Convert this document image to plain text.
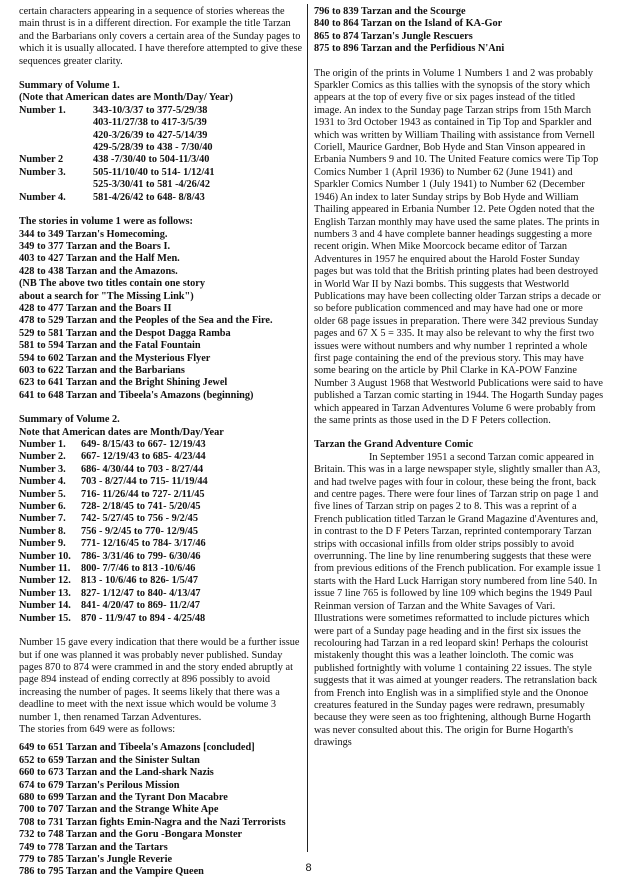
certain characters appearing in a sequence of stories whereas the main thrust is in a different direction. For example the title Tarzan and the Barbarians only covers a certain area of the Sunday pages to which it is usually allocated. I have therefore attempted to give these sequences greater clarity.

Summary of Volume 1.

(Note that American dates are Month/Day/ Year)

Number 1.	343-10/3/37 to 377-5/29/38
	403-11/27/38 to 417-3/5/39
	420-3/26/39 to 427-5/14/39
	429-5/28/39 to 438 - 7/30/40
Number 2	438 -7/30/40 to 504-11/3/40
Number 3.	505-11/10/40 to 514- 1/12/41
	525-3/30/41 to 581 -4/26/42
Number 4.	581-4/26/42 to 648- 8/8/43

The stories in volume 1 were as follows:

344 to 349 Tarzan's Homecoming.
349 to 377 Tarzan and the Boars I.
403 to 427 Tarzan and the Half Men.
428 to 438 Tarzan and the Amazons.
(NB The above two titles contain one story
about a search for "The Missing Link")
428 to 477 Tarzan and the Boars II
478 to 529 Tarzan and the Peoples of the Sea and the Fire.
529 to 581 Tarzan and the Despot Dagga Ramba
581 to 594 Tarzan and the Fatal Fountain
594 to 602 Tarzan and the Mysterious Flyer
603 to 622 Tarzan and the Barbarians
623 to 641 Tarzan and the Bright Shining Jewel
641 to 648 Tarzan and Tibeela's Amazons (beginning)

Summary of Volume 2.

Note that American dates are Month/Day/Year

Number 1.	649- 8/15/43 to 667- 12/19/43
Number 2.	667- 12/19/43 to 685- 4/23/44
Number 3.	686- 4/30/44 to 703 - 8/27/44
Number 4.	703 - 8/27/44 to 715- 11/19/44
Number 5.	716- 11/26/44 to 727- 2/11/45
Number 6.	728- 2/18/45 to 741- 5/20/45
Number 7.	742- 5/27/45 to 756 - 9/2/45
Number 8.	756 - 9/2/45 to 770- 12/9/45
Number 9.	771- 12/16/45 to 784- 3/17/46
Number 10.	786- 3/31/46 to 799- 6/30/46
Number 11.	800- 7/7/46 to 813 -10/6/46
Number 12.	813 - 10/6/46 to 826- 1/5/47
Number 13.	827- 1/12/47 to 840- 4/13/47
Number 14.	841- 4/20/47 to 869- 11/2/47
Number 15.	870 - 11/9/47 to 894 - 4/25/48

Number 15 gave every indication that there would be a further issue but if one was planned it was probably never published. Sunday pages 870 to 874 were crammed in and the story ended abruptly at page 894 instead of ending correctly at 896 possibly to avoid increasing the number of pages. It seems likely that there was a deadline to meet with the next issue which would be volume 3 number 1, then renamed Tarzan Adventures.

The stories from 649 were as follows:

649 to 651 Tarzan and Tibeela's Amazons [concluded]
652 to 659 Tarzan and the Sinister Sultan
660 to 673 Tarzan and the Land-shark Nazis
674 to 679 Tarzan's Perilous Mission
680 to 699 Tarzan and the Tyrant Don Macabre
700 to 707 Tarzan and the Strange White Ape
708 to 731 Tarzan fights Emin-Nagra and the Nazi Terrorists
732 to 748 Tarzan and the Goru -Bongara Monster
749 to 778 Tarzan and the Tartars
779 to 785 Tarzan's Jungle Reverie
786 to 795 Tarzan and the Vampire Queen
796 to 839 Tarzan and the Scourge
840 to 864 Tarzan on the Island of KA-Gor
865 to 874 Tarzan's Jungle Rescuers
875 to 896 Tarzan and the Perfidious N'Ani

The origin of the prints in Volume 1 Numbers 1 and 2 was probably Sparkler Comics as this tallies with the synopsis of the story which appears at the top of every five or six pages instead of the titled image. An index to the Sunday page Tarzan strips from 15th March 1931 to 3rd October 1943 as contained in Tip Top and Sparkler and which was written by William Thailing with assistance from Vernell Coriell, Maurice Gardner, Bob Hyde and Stan Vinson appeared in Erbania Numbers 9 and 10. The United Feature comics were Tip Top Comics Number 1 (April 1936) to Number 62 (June 1941) and Sparkler Comics Number 1 (July 1941) to Number 62 (December 1946) An index to later Sunday strips by Bob Hyde and William Thailing appeared in Erbania Number 12. Pete Ogden noted that the English Tarzan monthly may have used the same plates. The prints in numbers 3 and 4 have complete banner headings suggesting a more recent origin. When Mike Moorcock became editor of Tarzan Adventures in 1957 he enquired about the Harold Foster Sunday pages but was told that the British printing plates had been destroyed in World War II by Nazi bombs. This suggests that Westworld Publications may have been collecting older Tarzan strips a decade or so before publication commenced and may have had one or more older 68 page issues in preparation. There were 342 previous Sunday pages and 67 X 5 = 335. It may also be relevant to why the first two issues were without numbers and why number 1 reprinted a whole first page containing the end of the previous story. This may have some bearing on the article by Phil Clarke in KA-POW Fanzine Number 3 August 1968 that Westworld Publications were said to have published a Tarzan comic starting in 1944. The Hogarth Sunday pages which appeared in Tarzan Adventures Volume 6 were probably from the same prints as those used in the D F Peters collection.

Tarzan the Grand Adventure Comic

In September 1951 a second Tarzan comic appeared in Britain. This was in a large newspaper style, slightly smaller than A3, and had twelve pages with four in colour, these being the front, back and centre pages. There were four lines of Tarzan strip on page 1 and five lines of Tarzan strip on pages 2 to 8. This was a reprint of a French publication titled Tarzan le Grand Magazine d'Aventures and, in contrast to the D F Peters Tarzan, reprinted contemporary Tarzan strips with occasional infills from older strips possibly to avoid overrunning. The line by line renumbering suggests that these were from previous editions of the French publication. For example issue 1 starts with the Hard Luck Harrigan story numbered from line 540. In issue 7 line 765 is followed by line 109 which begins the 1949 Paul Reinman version of Tarzan and the White Savages of Vari. Illustrations were sometimes reformatted to include pictures which were part of a Sunday page heading and in the first six issues the recolouring had Tarzan in a red leopard skin! Perhaps the colourist mistakenly thought this was a leather loincloth. The comic was published fortnightly with volume 1 containing 22 issues. The style suggests that it was aimed at younger readers. The retranslation back from French into English was in a simplified style and the Ononoe creatures featured in the Sunday pages were redrawn, presumably because they were seen as too frightening, although Burne Hogarth was never consulted about this. The origin for Burne Hogarth's drawings

8
